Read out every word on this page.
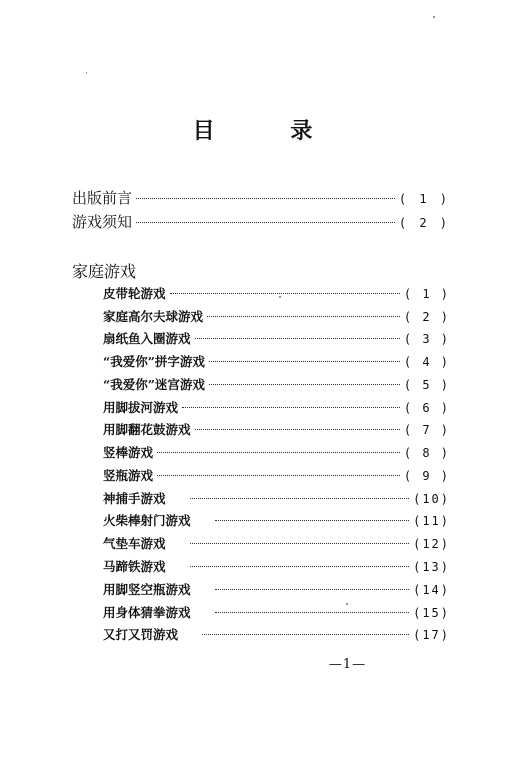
目 录
出版前言	( 1 )
游戏须知	( 2 )
家庭游戏
皮带轮游戏	( 1 )
家庭高尔夫球游戏	( 2 )
扇纸鱼入圈游戏	( 3 )
“我爱你”拼字游戏	( 4 )
“我爱你”迷宫游戏	( 5 )
用脚拔河游戏	( 6 )
用脚翻花鼓游戏	( 7 )
竖棒游戏	( 8 )
竖瓶游戏	( 9 )
神捕手游戏	(10)
火柴棒射门游戏	(11)
气垫车游戏	(12)
马蹄铁游戏	(13)
用脚竖空瓶游戏	(14)
用身体猜拳游戏	(15)
又打又罚游戏	(17)
—1—
